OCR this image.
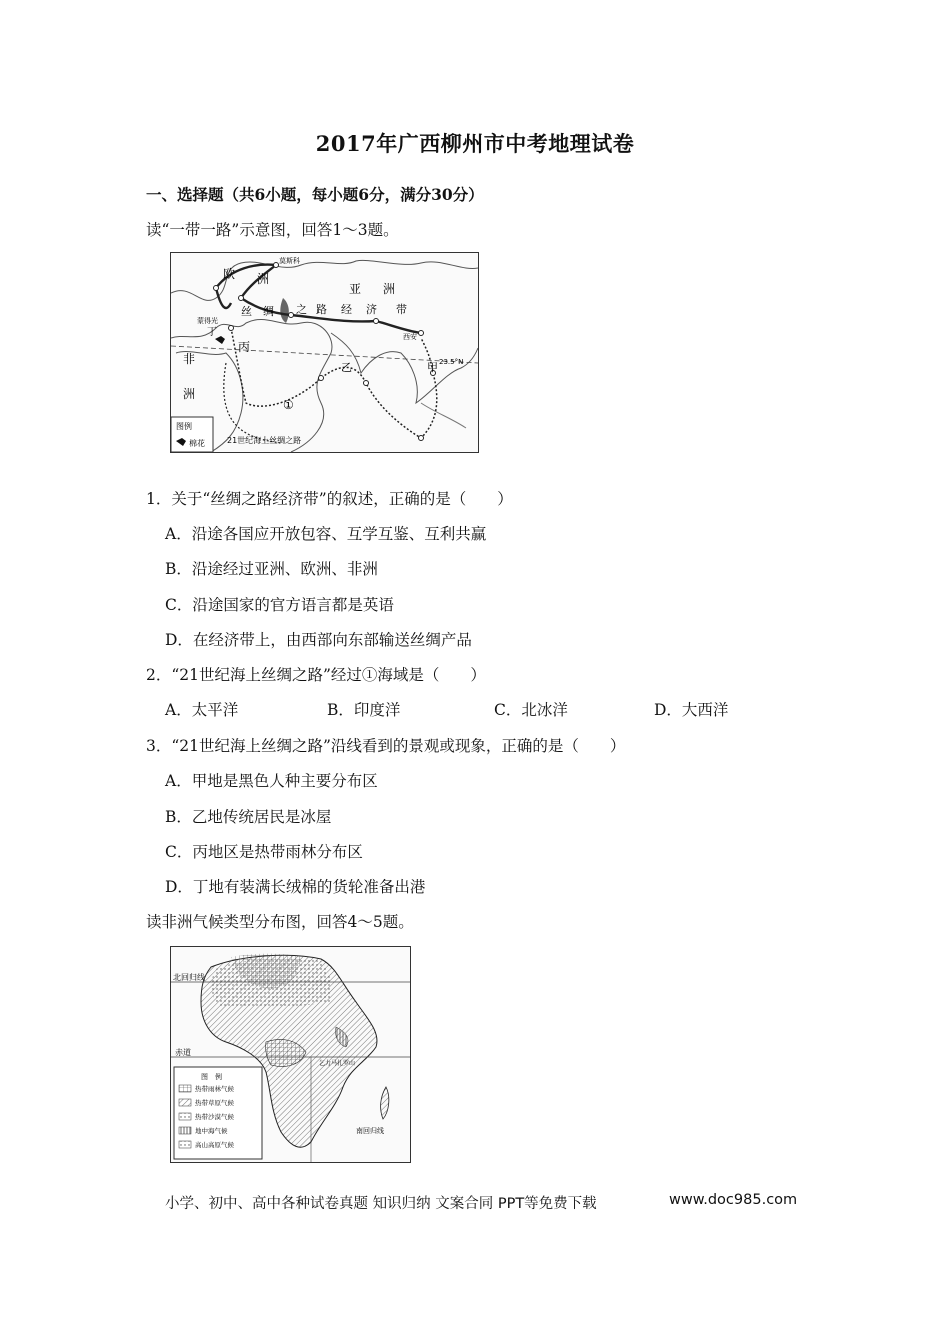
2017年广西柳州市中考地理试卷
一、选择题（共6小题，每小题6分，满分30分）
读“一带一路”示意图，回答1～3题。
欧 洲
莫斯科
亚 洲
丝 绸 之 路 经 济 带
西安
23.5°N
非
洲
丙
丁
蒙得光
乙	甲
①
图例
棉花	21世纪海上丝绸之路
1．关于“丝绸之路经济带”的叙述，正确的是（　　）
A．沿途各国应开放包容、互学互鉴、互利共赢
B．沿途经过亚洲、欧洲、非洲
C．沿途国家的官方语言都是英语
D．在经济带上，由西部向东部输送丝绸产品
2．“21世纪海上丝绸之路”经过①海域是（　　）
A．太平洋	B．印度洋	C．北冰洋	D．大西洋
3．“21世纪海上丝绸之路”沿线看到的景观或现象，正确的是（　　）
A．甲地是黑色人种主要分布区
B．乙地传统居民是冰屋
C．丙地区是热带雨林分布区
D．丁地有装满长绒棉的货轮准备出港
读非洲气候类型分布图，回答4～5题。
北回归线
赤道
乞力马扎罗山
南回归线
图　例
热带雨林气候
热带草原气候
热带沙漠气候
地中海气候
高山高原气候
小学、初中、高中各种试卷真题 知识归纳 文案合同 PPT等免费下载	www.doc985.com
